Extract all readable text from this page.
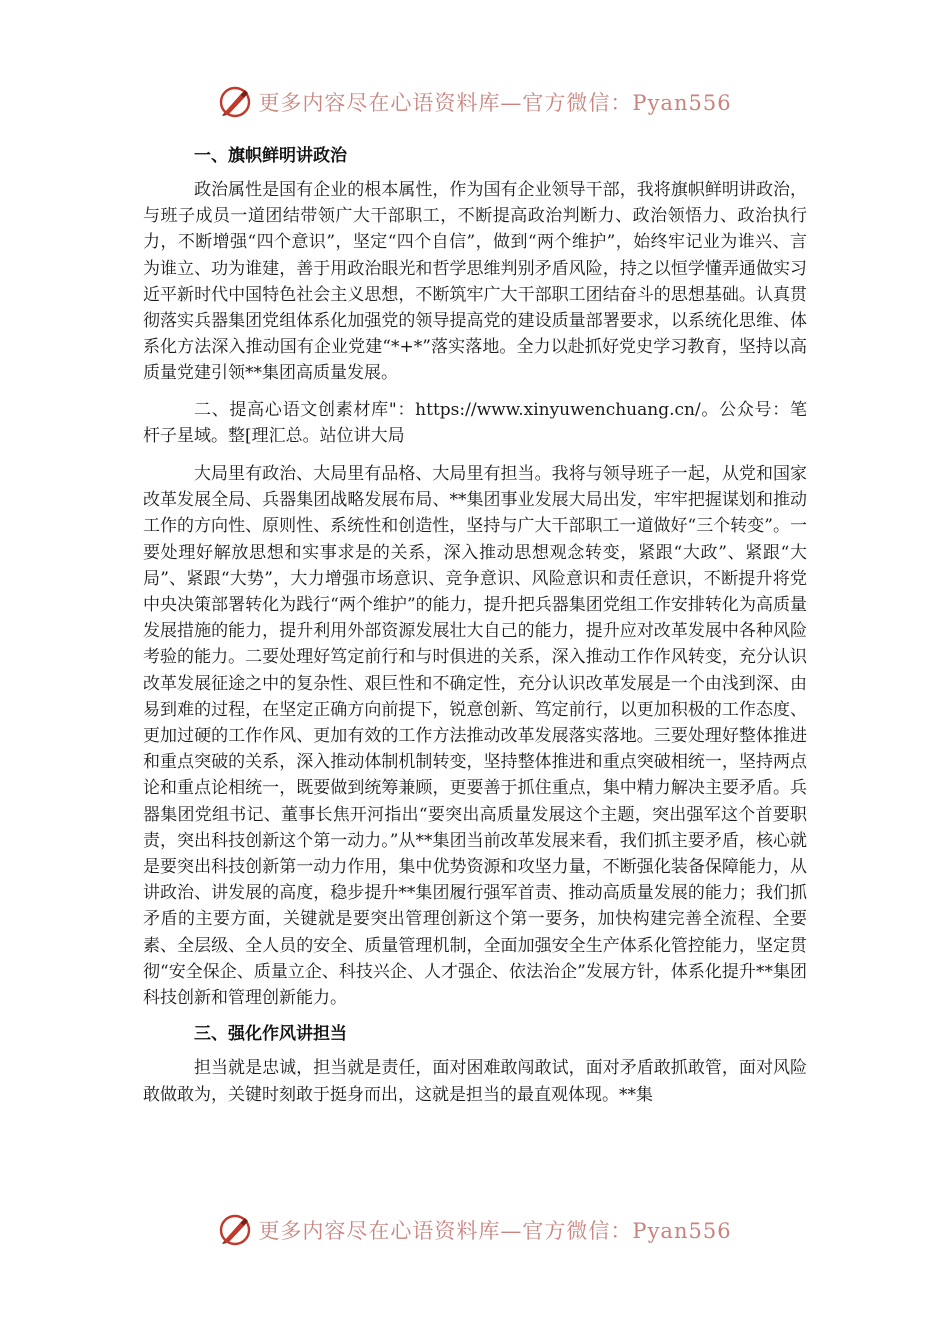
更多内容尽在心语资料库—官方微信：Pyan556
一、旗帜鲜明讲政治

政治属性是国有企业的根本属性，作为国有企业领导干部，我将旗帜鲜明讲政治，与班子成员一道团结带领广大干部职工，不断提高政治判断力、政治领悟力、政治执行力，不断增强“四个意识”，坚定“四个自信”，做到“两个维护”，始终牢记业为谁兴、言为谁立、功为谁建，善于用政治眼光和哲学思维判别矛盾风险，持之以恒学懂弄通做实习近平新时代中国特色社会主义思想，不断筑牢广大干部职工团结奋斗的思想基础。认真贯彻落实兵器集团党组体系化加强党的领导提高党的建设质量部署要求，以系统化思维、体系化方法深入推动国有企业党建“*+*”落实落地。全力以赴抓好党史学习教育，坚持以高质量党建引领**集团高质量发展。

二、提高心语文创素材库"：https://www.xinyuwenchuang.cn/。公众号：笔杆子星域。整[理汇总。站位讲大局

大局里有政治、大局里有品格、大局里有担当。我将与领导班子一起，从党和国家改革发展全局、兵器集团战略发展布局、**集团事业发展大局出发，牢牢把握谋划和推动工作的方向性、原则性、系统性和创造性，坚持与广大干部职工一道做好“三个转变”。一要处理好解放思想和实事求是的关系，深入推动思想观念转变，紧跟“大政”、紧跟“大局”、紧跟“大势”，大力增强市场意识、竞争意识、风险意识和责任意识，不断提升将党中央决策部署转化为践行“两个维护”的能力，提升把兵器集团党组工作安排转化为高质量发展措施的能力，提升利用外部资源发展壮大自己的能力，提升应对改革发展中各种风险考验的能力。二要处理好笃定前行和与时俱进的关系，深入推动工作作风转变，充分认识改革发展征途之中的复杂性、艰巨性和不确定性，充分认识改革发展是一个由浅到深、由易到难的过程，在坚定正确方向前提下，锐意创新、笃定前行，以更加积极的工作态度、更加过硬的工作作风、更加有效的工作方法推动改革发展落实落地。三要处理好整体推进和重点突破的关系，深入推动体制机制转变，坚持整体推进和重点突破相统一，坚持两点论和重点论相统一，既要做到统筹兼顾，更要善于抓住重点，集中精力解决主要矛盾。兵器集团党组书记、董事长焦开河指出“要突出高质量发展这个主题，突出强军这个首要职责，突出科技创新这个第一动力。”从**集团当前改革发展来看，我们抓主要矛盾，核心就是要突出科技创新第一动力作用，集中优势资源和攻坚力量，不断强化装备保障能力，从讲政治、讲发展的高度，稳步提升**集团履行强军首责、推动高质量发展的能力；我们抓矛盾的主要方面，关键就是要突出管理创新这个第一要务，加快构建完善全流程、全要素、全层级、全人员的安全、质量管理机制，全面加强安全生产体系化管控能力，坚定贯彻“安全保企、质量立企、科技兴企、人才强企、依法治企”发展方针，体系化提升**集团科技创新和管理创新能力。

三、强化作风讲担当

担当就是忠诚，担当就是责任，面对困难敢闯敢试，面对矛盾敢抓敢管，面对风险敢做敢为，关键时刻敢于挺身而出，这就是担当的最直观体现。**集

更多内容尽在心语资料库—官方微信：Pyan556
